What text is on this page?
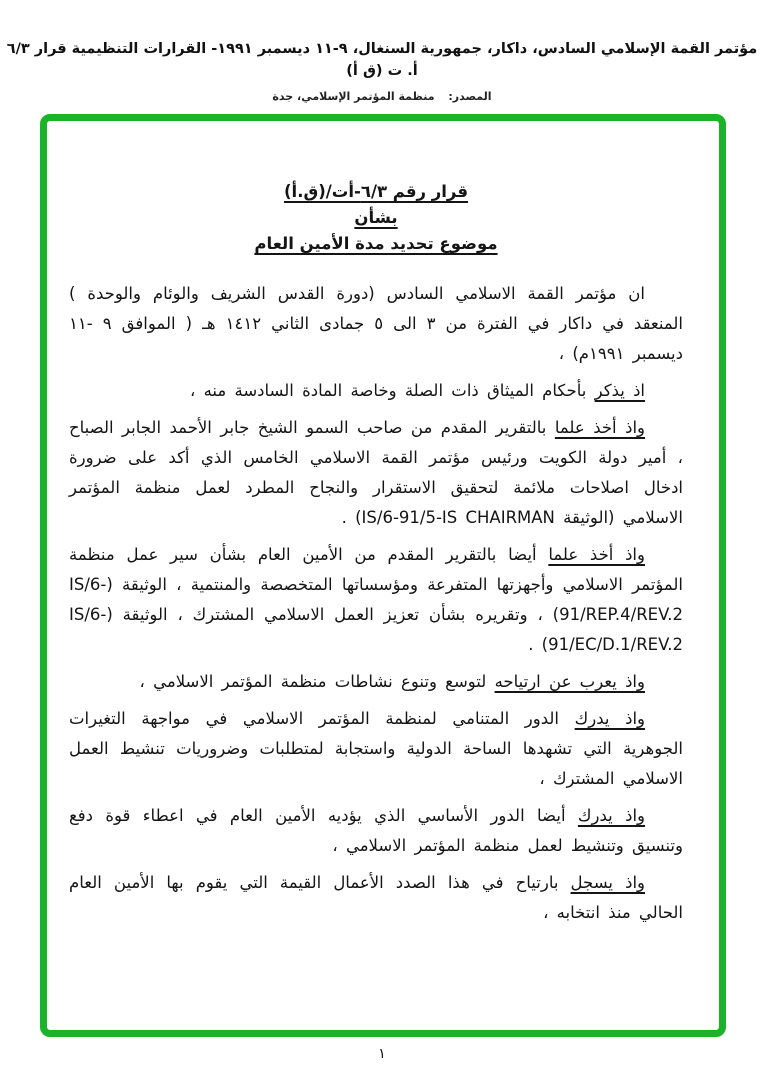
مؤتمر القمة الإسلامي السادس، داكار، جمهورية السنغال، ٩-١١ ديسمبر ١٩٩١- القرارات التنظيمية قرار ٦/٣ أ. ت (ق أ)
المصدر: منظمة المؤتمر الإسلامي، جدة
قرار رقم ٦/٣-أت/(ق.أ)
بشأن
موضوع تحديد مدة الأمين العام

ان مؤتمر القمة الاسلامي السادس (دورة القدس الشريف والوئام والوحدة ) المنعقد في داكار في الفترة من ٣ الى ٥ جمادى الثاني ١٤١٢ هـ ( الموافق ٩ -١١ ديسمبر ١٩٩١م) ،

اذ يذكر بأحكام الميثاق ذات الصلة وخاصة المادة السادسة منه ،

واذ أخذ علما بالتقرير المقدم من صاحب السمو الشيخ جابر الأحمد الجابر الصباح ، أمير دولة الكويت ورئيس مؤتمر القمة الاسلامي الخامس الذي أكد على ضرورة ادخال اصلاحات ملائمة لتحقيق الاستقرار والنجاح المطرد لعمل منظمة المؤتمر الاسلامي (الوثيقة ⁦(IS/6-91/5-IS CHAIRMAN⁩ .

واذ أخذ علما أيضا بالتقرير المقدم من الأمين العام بشأن سير عمل منظمة المؤتمر الاسلامي وأجهزتها المتفرعة ومؤسساتها المتخصصة والمنتمية ، الوثيقة (⁦IS/6-91/REP.4/REV.2⁩) ، وتقريره بشأن تعزيز العمل الاسلامي المشترك ، الوثيقة (⁦IS/6-91/EC/D.1/REV.2⁩) .

واذ يعرب عن ارتياحه لتوسع وتنوع نشاطات منظمة المؤتمر الاسلامي ،

واذ يدرك الدور المتنامي لمنظمة المؤتمر الاسلامي في مواجهة التغيرات الجوهرية التي تشهدها الساحة الدولية واستجابة لمتطلبات وضروريات تنشيط العمل الاسلامي المشترك ،

واذ يدرك أيضا الدور الأساسي الذي يؤديه الأمين العام في اعطاء قوة دفع وتنسيق وتنشيط لعمل منظمة المؤتمر الاسلامي ،

واذ يسجل بارتياح في هذا الصدد الأعمال القيمة التي يقوم بها الأمين العام الحالي منذ انتخابه ،

١
